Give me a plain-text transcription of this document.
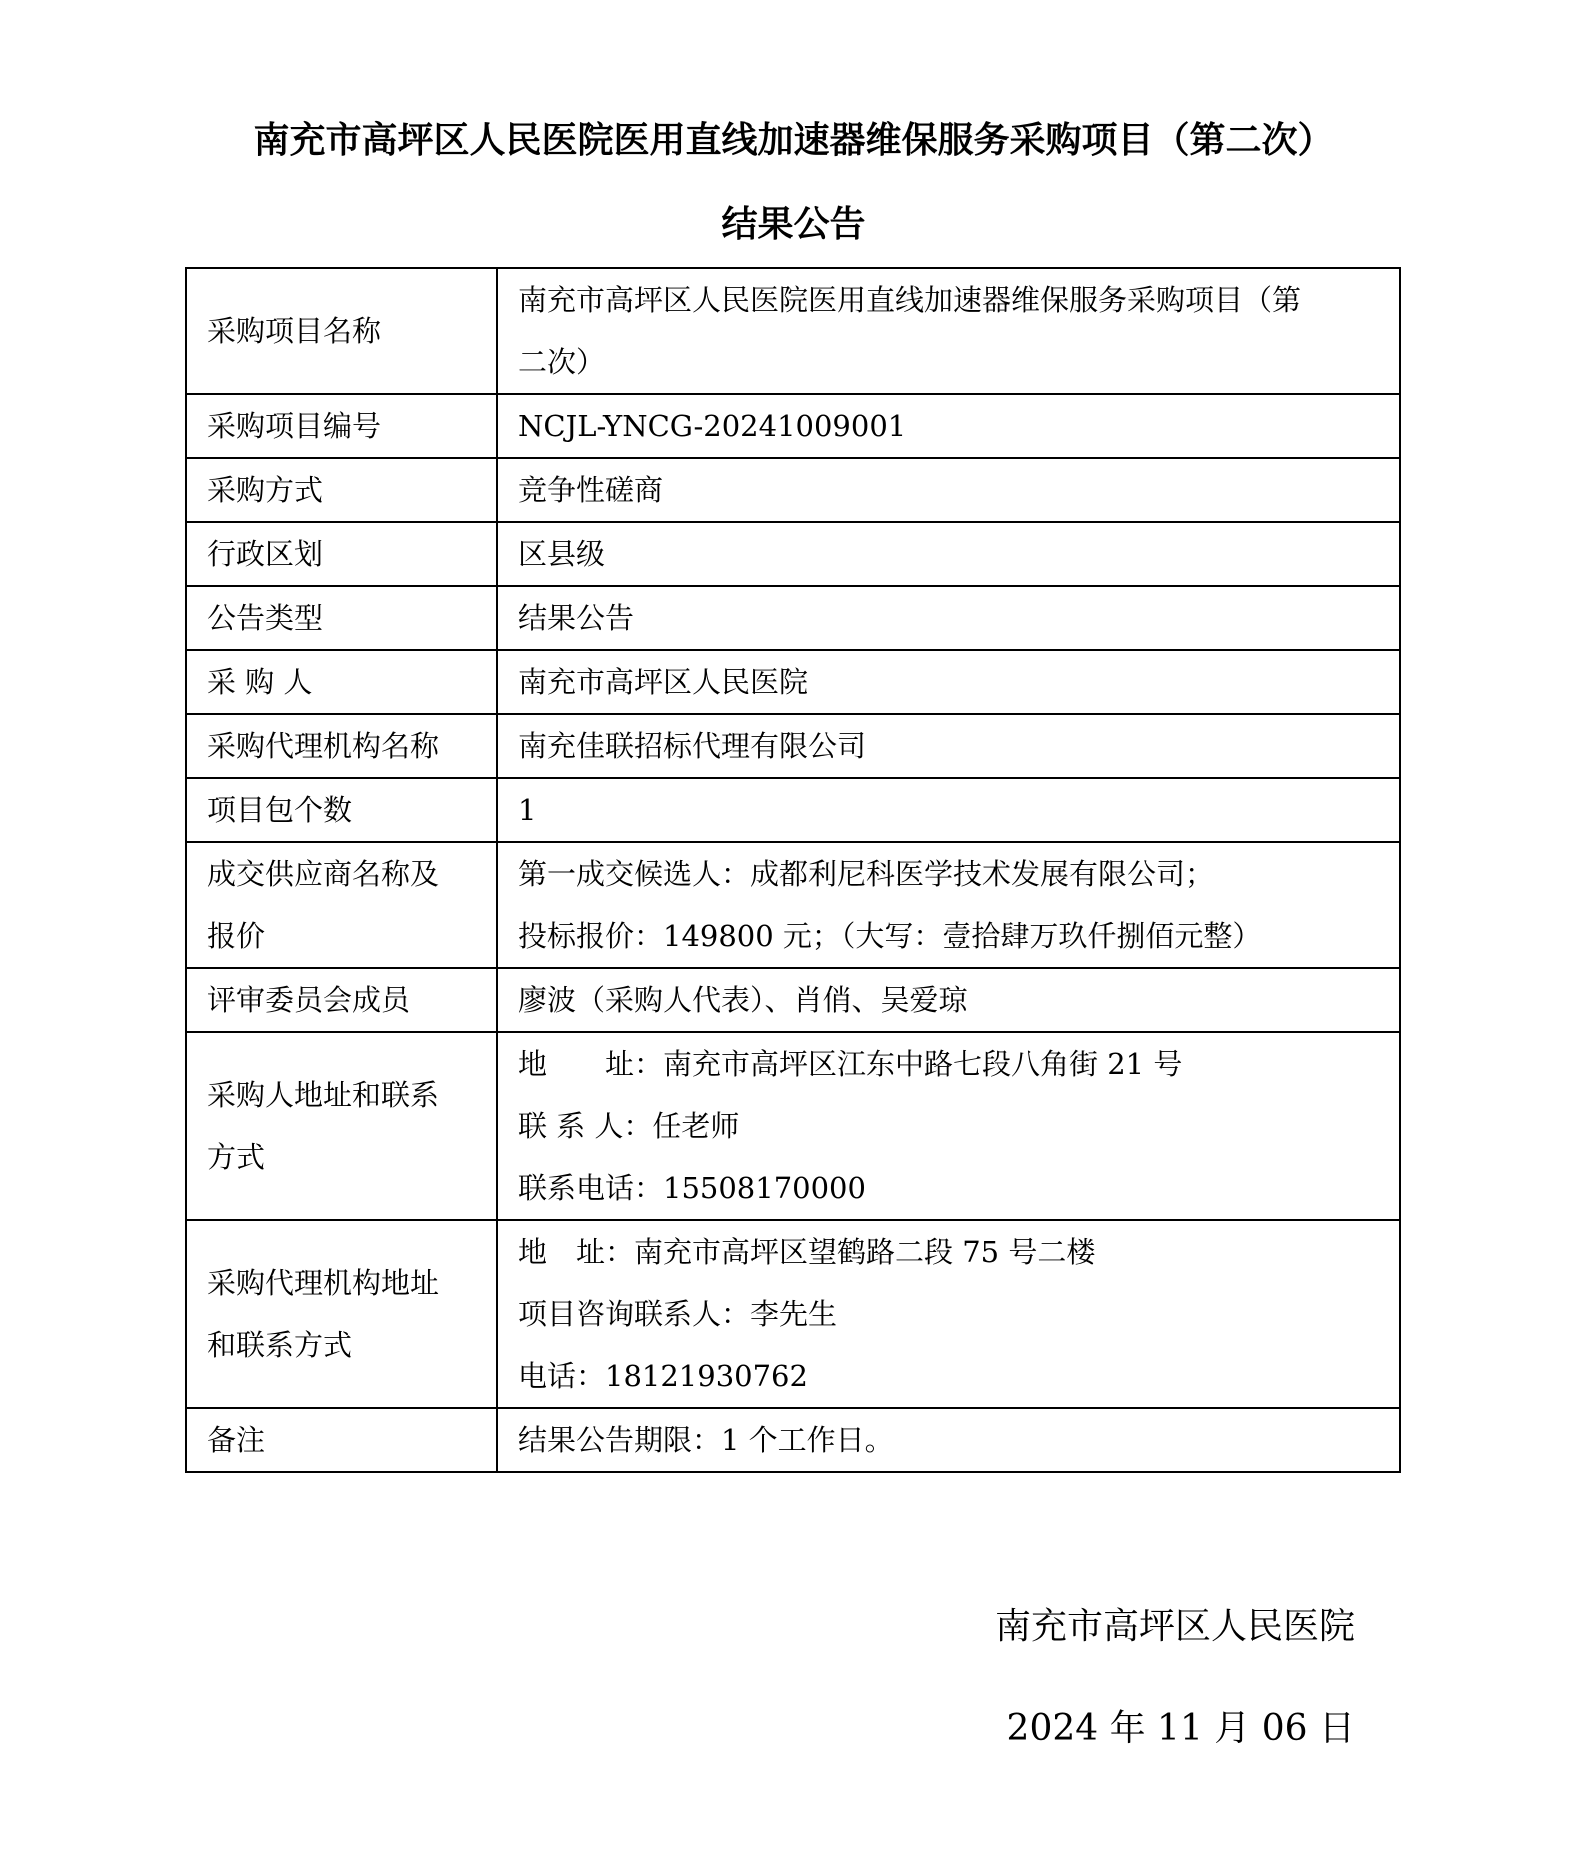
南充市高坪区人民医院医用直线加速器维保服务采购项目（第二次）
结果公告
采购项目名称	南充市高坪区人民医院医用直线加速器维保服务采购项目（第
二次）

采购项目编号	NCJL-YNCG-20241009001

采购方式	竞争性磋商

行政区划	区县级

公告类型	结果公告

采 购 人	南充市高坪区人民医院

采购代理机构名称	南充佳联招标代理有限公司

项目包个数	1

成交供应商名称及
报价	第一成交候选人：成都利尼科医学技术发展有限公司；
投标报价：149800 元；（大写：壹拾肆万玖仟捌佰元整）

评审委员会成员	廖波（采购人代表）、肖俏、吴爱琼

采购人地址和联系
方式	地　　址：南充市高坪区江东中路七段八角街 21 号
联 系 人：任老师
联系电话：15508170000

采购代理机构地址
和联系方式	地　址：南充市高坪区望鹤路二段 75 号二楼
项目咨询联系人：李先生
电话：18121930762

备注	结果公告期限：1 个工作日。
南充市高坪区人民医院
2024 年 11 月 06 日
